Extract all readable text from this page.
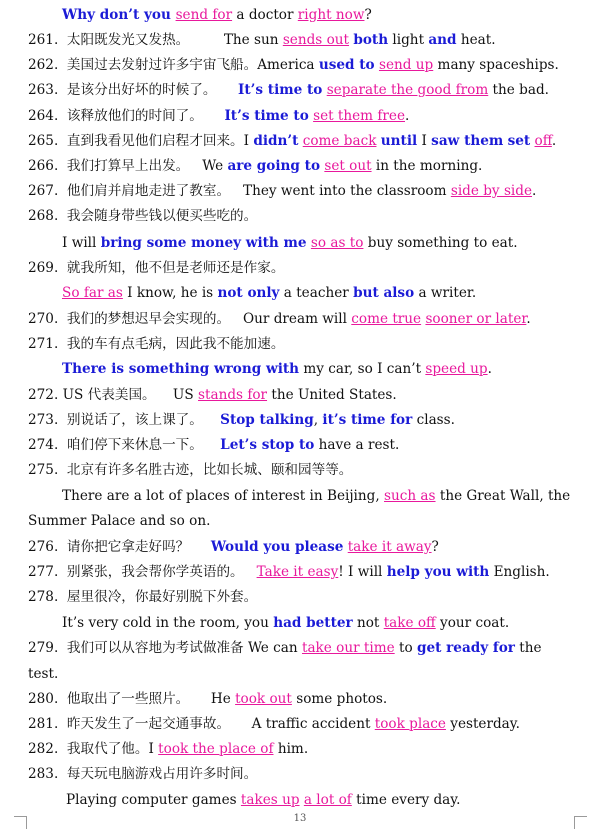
13
Why don’t you send for a doctor right now?
261.  太阳既发光又发热。        The sun sends out both light and heat.
262.  美国过去发射过许多宇宙飞船。America used to send up many spaceships.
263.  是该分出好坏的时候了。     It’s time to separate the good from the bad.
264.  该释放他们的时间了。     It’s time to set them free.
265.  直到我看见他们启程才回来。I didn’t come back until I saw them set off.
266.  我们打算早上出发。   We are going to set out in the morning.
267.  他们肩并肩地走进了教室。   They went into the classroom side by side.
268.  我会随身带些钱以便买些吃的。
I will bring some money with me so as to buy something to eat.
269.  就我所知，他不但是老师还是作家。
So far as I know, he is not only a teacher but also a writer.
270.  我们的梦想迟早会实现的。   Our dream will come true sooner or later.
271.  我的车有点毛病，因此我不能加速。
There is something wrong with my car, so I can’t speed up.
272. US 代表美国。    US stands for the United States.
273.  别说话了，该上课了。    Stop talking, it’s time for class.
274.  咱们停下来休息一下。    Let’s stop to have a rest.
275.  北京有许多名胜古迹，比如长城、颐和园等等。
There are a lot of places of interest in Beijing, such as the Great Wall, the
Summer Palace and so on.
276.  请你把它拿走好吗？     Would you please take it away?
277.  别紧张，我会帮你学英语的。   Take it easy! I will help you with English.
278.  屋里很冷，你最好别脱下外套。
It’s very cold in the room, you had better not take off your coat.
279.  我们可以从容地为考试做准备 We can take our time to get ready for the
test.
280.  他取出了一些照片。     He took out some photos.
281.  昨天发生了一起交通事故。     A traffic accident took place yesterday.
282.  我取代了他。I took the place of him.
283.  每天玩电脑游戏占用许多时间。
Playing computer games takes up a lot of time every day.
